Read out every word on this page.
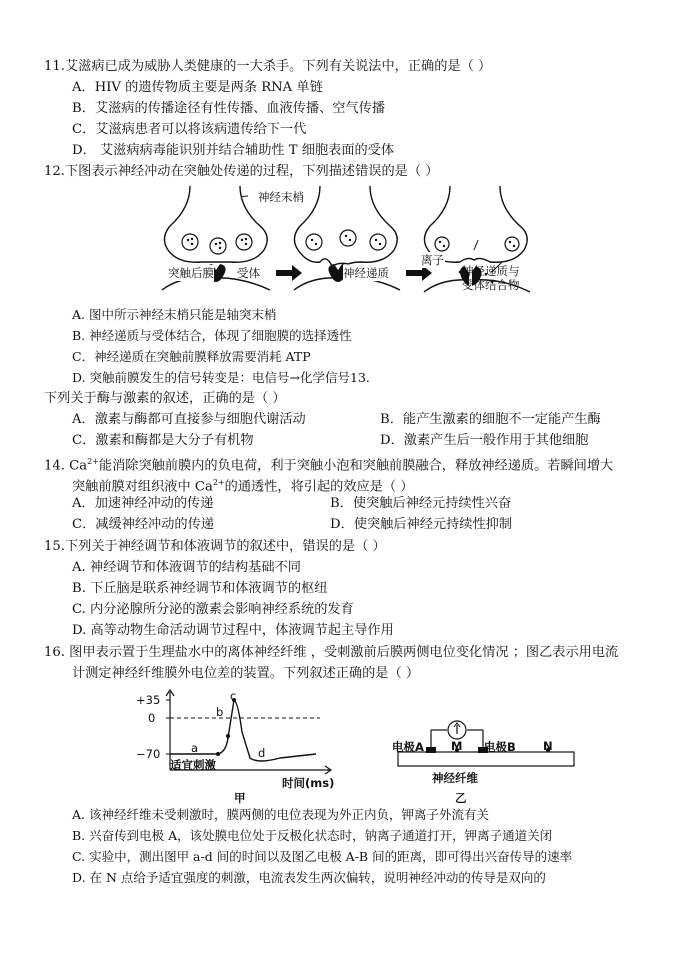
11.艾滋病已成为威胁人类健康的一大杀手。下列有关说法中，正确的是（ ）
A．HIV 的遗传物质主要是两条 RNA 单链
B．艾滋病的传播途径有性传播、血液传播、空气传播
C．艾滋病患者可以将该病遗传给下一代
D． 艾滋病病毒能识别并结合辅助性 T 细胞表面的受体
12.下图表示神经冲动在突触处传递的过程，下列描述错误的是（ ）
神经末梢
突触后膜 受体	神经递质
离子
神经递质与
受体结合物
A. 图中所示神经末梢只能是轴突末梢
B. 神经递质与受体结合，体现了细胞膜的选择透性
C．神经递质在突触前膜释放需要消耗 ATP
D. 突触前膜发生的信号转变是：电信号→化学信号13.
下列关于酶与激素的叙述，正确的是（ ）
A．激素与酶都可直接参与细胞代谢活动	B．能产生激素的细胞不一定能产生酶
C．激素和酶都是大分子有机物	D．激素产生后一般作用于其他细胞
14. $Ca^{2+}$能消除突触前膜内的负电荷，利于突触小泡和突触前膜融合，释放神经递质。若瞬间增大
突触前膜对组织液中 $Ca^{2+}$的通透性，将引起的效应是（ ）
A．加速神经冲动的传递	B．使突触后神经元持续性兴奋
C．减缓神经冲动的传递	D．使突触后神经元持续性抑制
15.下列关于神经调节和体液调节的叙述中，错误的是（ ）
A. 神经调节和体液调节的结构基础不同
B. 下丘脑是联系神经调节和体液调节的枢纽
C. 内分泌腺所分泌的激素会影响神经系统的发育
D. 高等动物生命活动调节过程中，体液调节起主导作用
16. 图甲表示置于生理盐水中的离体神经纤维 ，受刺激前后膜两侧电位变化情况 ；图乙表示用电流
计测定神经纤维膜外电位差的装置。下列叙述正确的是（ ）
+35
0
−70	a
b
c
d
适宜刺激
时间(ms)
甲
电极A M 电极B N
神经纤维
乙
A. 该神经纤维未受刺激时，膜两侧的电位表现为外正内负，钾离子外流有关
B. 兴奋传到电极 A，该处膜电位处于反极化状态时，钠离子通道打开，钾离子通道关闭
C. 实验中，测出图甲 a-d 间的时间以及图乙电极 A-B 间的距离，即可得出兴奋传导的速率
D. 在 N 点给予适宜强度的刺激，电流表发生两次偏转，说明神经冲动的传导是双向的
